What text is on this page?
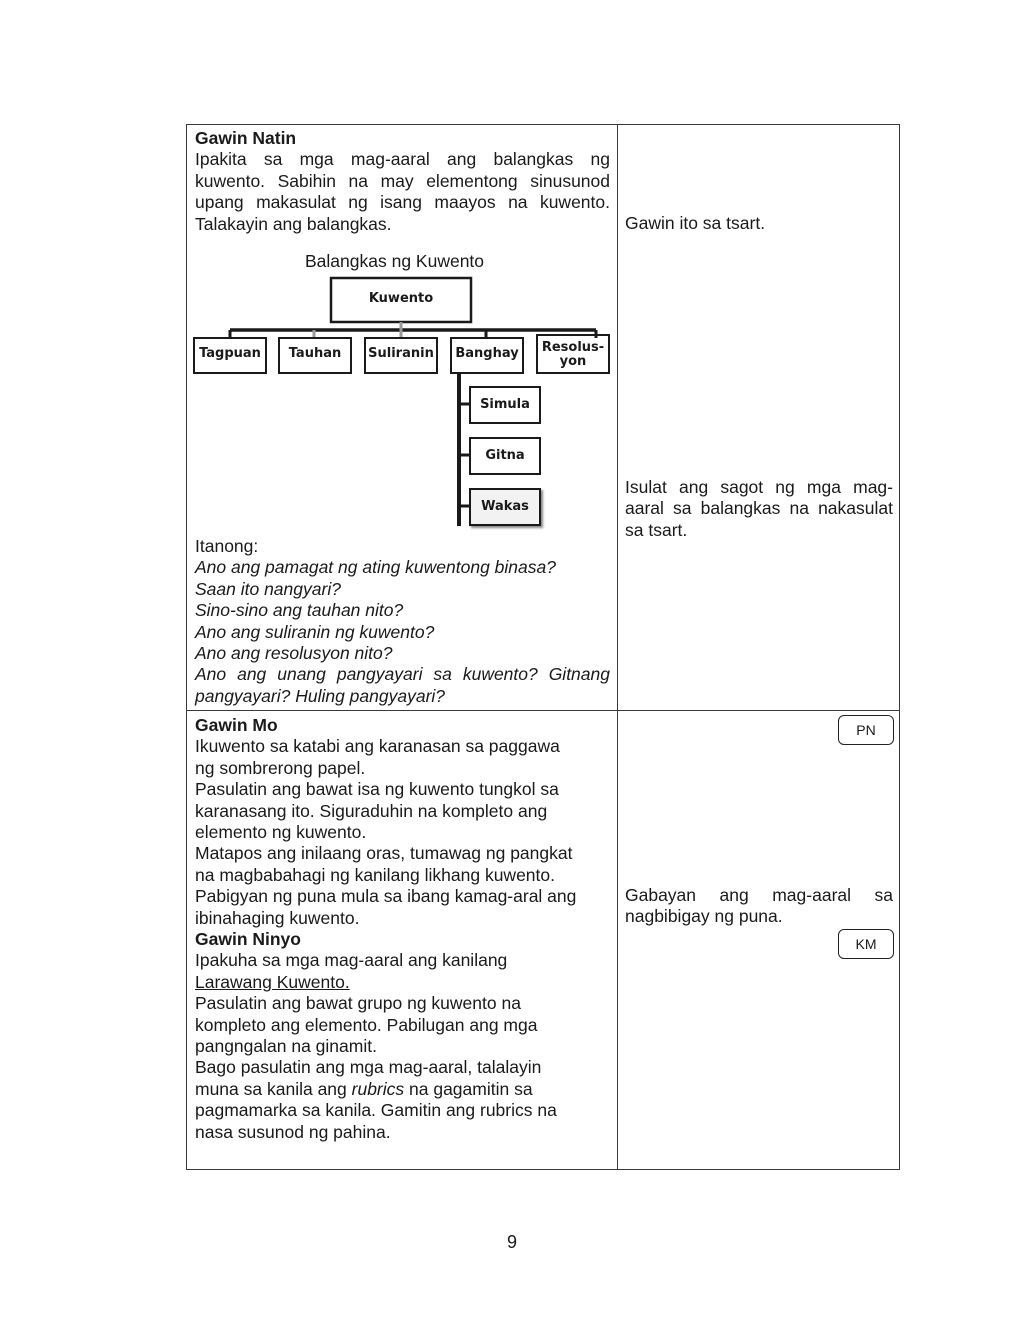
Gawin Natin
Ipakita sa mga mag-aaral ang balangkas ng
kuwento. Sabihin na may elementong sinusunod
upang makasulat ng isang maayos na kuwento.
Talakayin ang balangkas.
Balangkas ng Kuwento
Itanong:
Ano ang pamagat ng ating kuwentong binasa?
Saan ito nangyari?
Sino-sino ang tauhan nito?
Ano ang suliranin ng kuwento?
Ano ang resolusyon nito?
Ano ang unang pangyayari sa kuwento? Gitnang
pangyayari? Huling pangyayari?
Gawin ito sa tsart.
Isulat ang sagot ng mga mag-
aaral sa balangkas na nakasulat
sa tsart.
Gawin Mo
Ikuwento sa katabi ang karanasan sa paggawa
ng sombrerong papel.
Pasulatin ang bawat isa ng kuwento tungkol sa
karanasang ito. Siguraduhin na kompleto ang
elemento ng kuwento.
Matapos ang inilaang oras, tumawag ng pangkat
na magbabahagi ng kanilang likhang kuwento.
Pabigyan ng puna mula sa ibang kamag-aral ang
ibinahaging kuwento.
Gawin Ninyo
Ipakuha sa mga mag-aaral ang kanilang
Larawang Kuwento.
Pasulatin ang bawat grupo ng kuwento na
kompleto ang elemento. Pabilugan ang mga
pangngalan na ginamit.
Bago pasulatin ang mga mag-aaral, talalayin
muna sa kanila ang rubrics na gagamitin sa
pagmamarka sa kanila. Gamitin ang rubrics na
nasa susunod ng pahina.
PN
Gabayan ang mag-aaral sa
nagbibigay ng puna.
KM
Kuwento
Tagpuan Tauhan Suliranin Banghay Resolus-
yon
Simula
Gitna
Wakas
9
